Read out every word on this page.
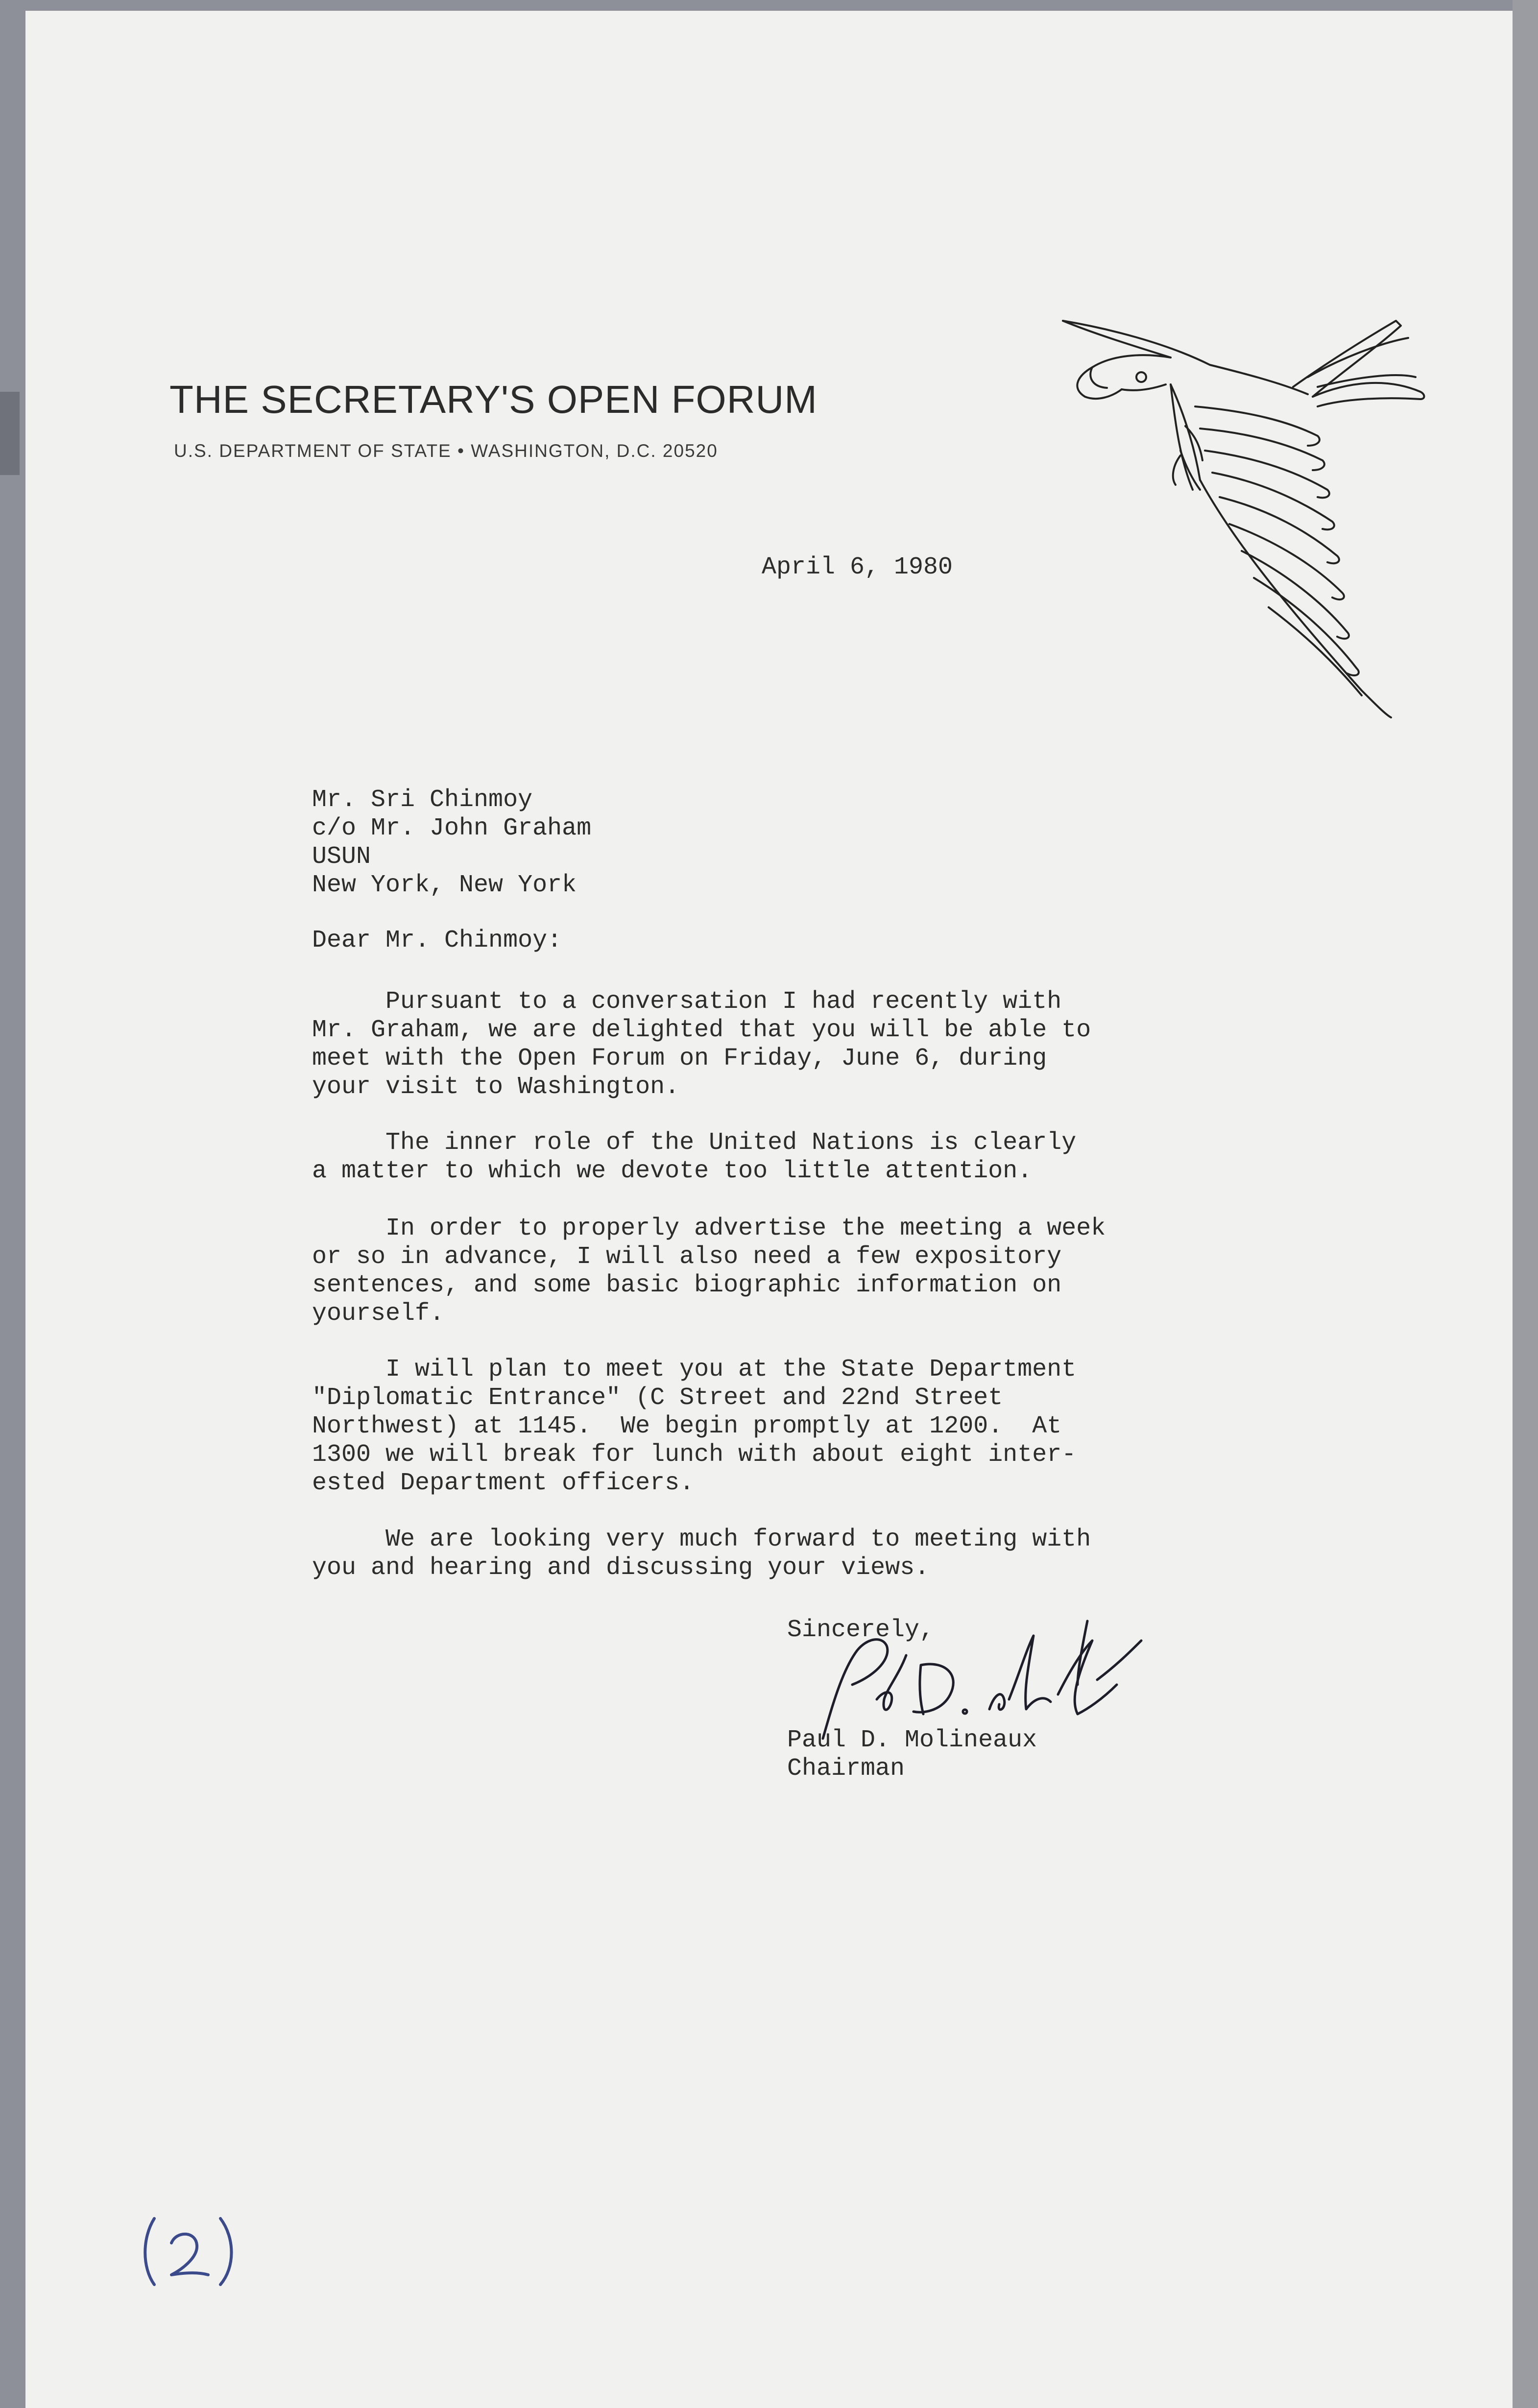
THE SECRETARY'S OPEN FORUM
U.S. DEPARTMENT OF STATE • WASHINGTON, D.C. 20520
April 6, 1980
Mr. Sri Chinmoy
c/o Mr. John Graham
USUN
New York, New York
Dear Mr. Chinmoy:
Pursuant to a conversation I had recently with
Mr. Graham, we are delighted that you will be able to
meet with the Open Forum on Friday, June 6, during
your visit to Washington.
The inner role of the United Nations is clearly
a matter to which we devote too little attention.
In order to properly advertise the meeting a week
or so in advance, I will also need a few expository
sentences, and some basic biographic information on
yourself.
I will plan to meet you at the State Department
"Diplomatic Entrance" (C Street and 22nd Street
Northwest) at 1145.  We begin promptly at 1200.  At
1300 we will break for lunch with about eight inter-
ested Department officers.
We are looking very much forward to meeting with
you and hearing and discussing your views.
Sincerely,
Paul D. Molineaux
Chairman
